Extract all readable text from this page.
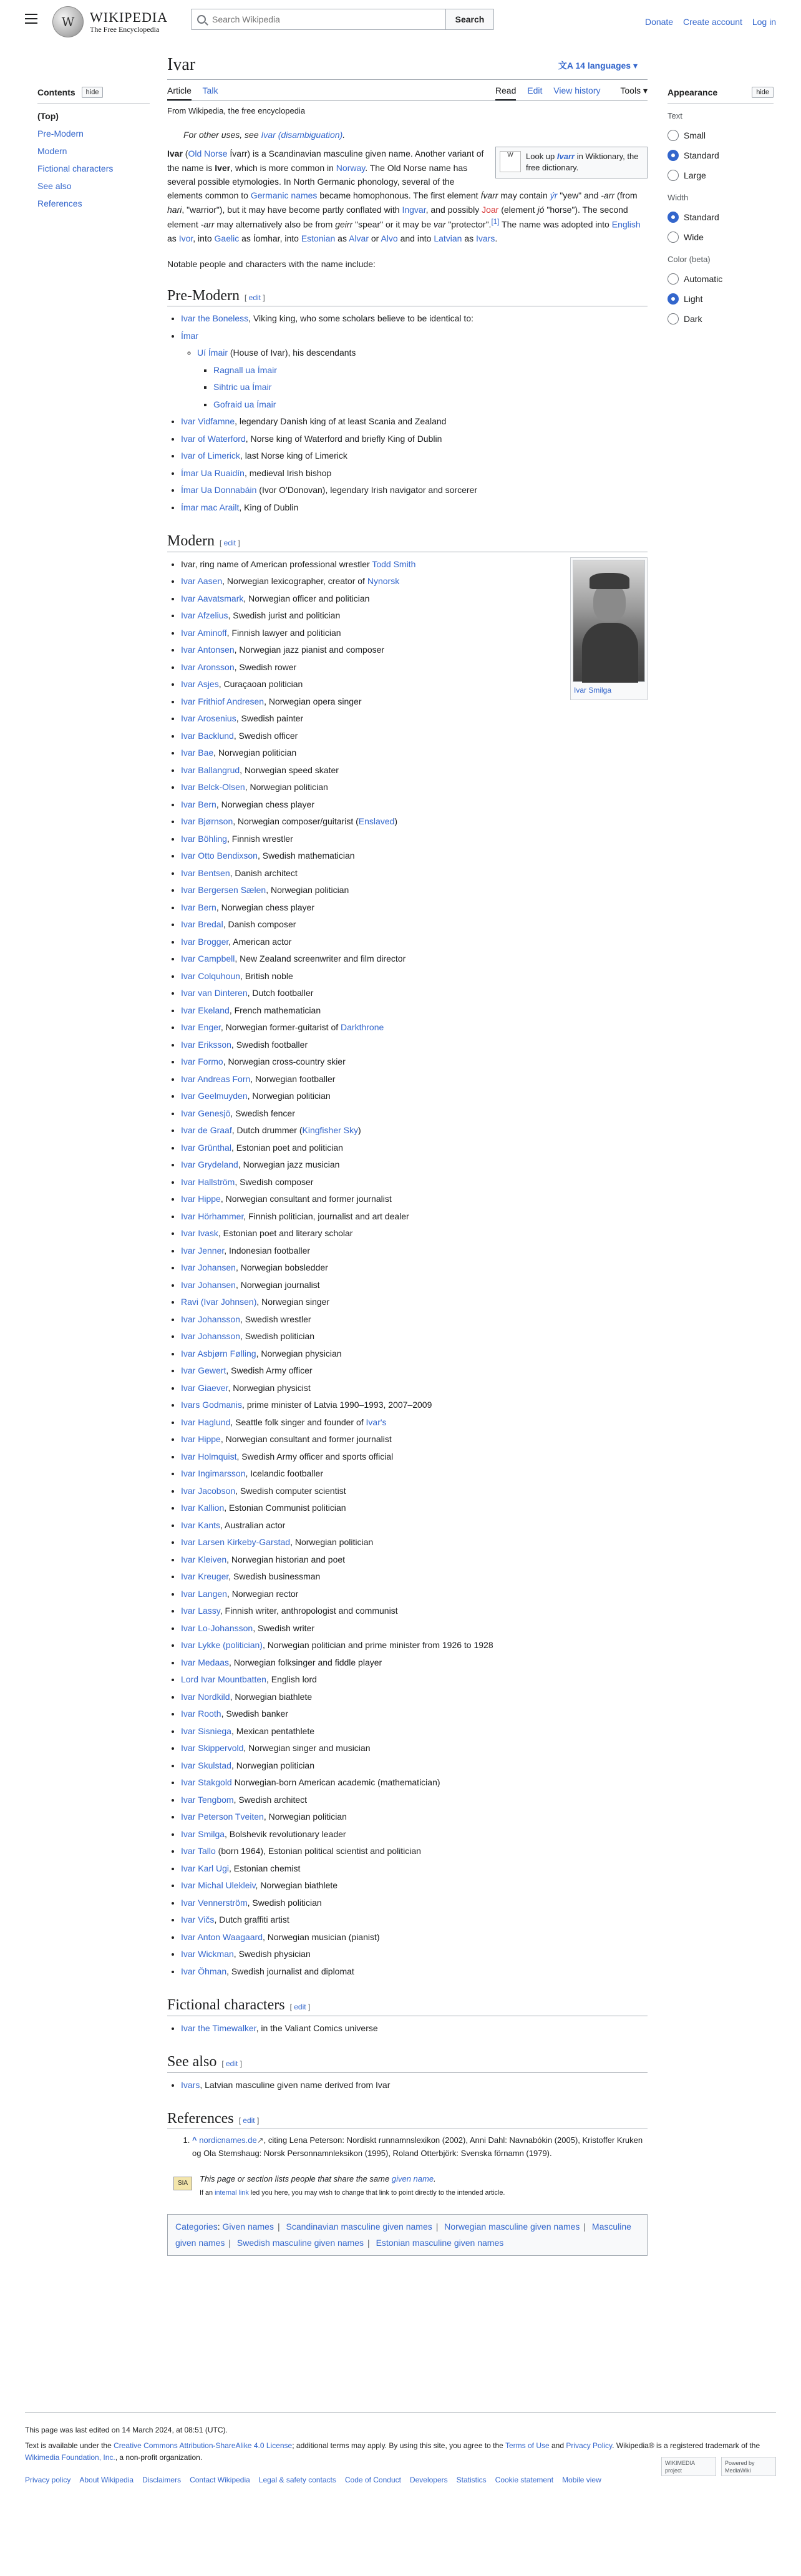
W	WIKIPEDIA
The Free Encyclopedia
Search Wikipedia
Search	Donate Create account Log in
Contents	hide
(Top)
Pre-Modern
Modern
Fictional characters
See also
References
Ivar	文A 14 languages ▾
Article Talk	Read Edit View history Tools ▾
From Wikipedia, the free encyclopedia
For other uses, see Ivar (disambiguation).
W	Look up Ivarr in Wiktionary, the free dictionary.

Ivar (Old Norse Ívarr) is a Scandinavian masculine given name. Another variant of the name is Iver, which is more common in Norway. The Old Norse name has several possible etymologies. In North Germanic phonology, several of the elements common to Germanic names became homophonous. The first element Ívarr may contain ýr "yew" and -arr (from hari, "warrior"), but it may have become partly conflated with Ingvar, and possibly Joar (element jó "horse"). The second element -arr may alternatively also be from geirr "spear" or it may be var "protector".[1] The name was adopted into English as Ivor, into Gaelic as Íomhar, into Estonian as Alvar or Alvo and into Latvian as Ivars.

Notable people and characters with the name include:

Pre-Modern [ edit ]
• Ivar the Boneless, Viking king, who some scholars believe to be identical to:
• Ímar
◦ Uí Ímair (House of Ivar), his descendants
▪ Ragnall ua Ímair
▪ Sihtric ua Ímair
▪ Gofraid ua Ímair
• Ivar Vidfamne, legendary Danish king of at least Scania and Zealand
• Ivar of Waterford, Norse king of Waterford and briefly King of Dublin
• Ivar of Limerick, last Norse king of Limerick
• Ímar Ua Ruaidín, medieval Irish bishop
• Ímar Ua Donnabáin (Ivor O'Donovan), legendary Irish navigator and sorcerer
• Ímar mac Arailt, King of Dublin
Modern [ edit ]
Ivar Smilga
• Ivar, ring name of American professional wrestler Todd Smith
• Ivar Aasen, Norwegian lexicographer, creator of Nynorsk
• Ivar Aavatsmark, Norwegian officer and politician
• Ivar Afzelius, Swedish jurist and politician
• Ivar Aminoff, Finnish lawyer and politician
• Ivar Antonsen, Norwegian jazz pianist and composer
• Ivar Aronsson, Swedish rower
• Ivar Asjes, Curaçaoan politician
• Ivar Frithiof Andresen, Norwegian opera singer
• Ivar Arosenius, Swedish painter
• Ivar Backlund, Swedish officer
• Ivar Bae, Norwegian politician
• Ivar Ballangrud, Norwegian speed skater
• Ivar Belck-Olsen, Norwegian politician
• Ivar Bern, Norwegian chess player
• Ivar Bjørnson, Norwegian composer/guitarist (Enslaved)
• Ivar Böhling, Finnish wrestler
• Ivar Otto Bendixson, Swedish mathematician
• Ivar Bentsen, Danish architect
• Ivar Bergersen Sælen, Norwegian politician
• Ivar Bern, Norwegian chess player
• Ivar Bredal, Danish composer
• Ivar Brogger, American actor
• Ivar Campbell, New Zealand screenwriter and film director
• Ivar Colquhoun, British noble
• Ivar van Dinteren, Dutch footballer
• Ivar Ekeland, French mathematician
• Ivar Enger, Norwegian former-guitarist of Darkthrone
• Ivar Eriksson, Swedish footballer
• Ivar Formo, Norwegian cross-country skier
• Ivar Andreas Forn, Norwegian footballer
• Ivar Geelmuyden, Norwegian politician
• Ivar Genesjö, Swedish fencer
• Ivar de Graaf, Dutch drummer (Kingfisher Sky)
• Ivar Grünthal, Estonian poet and politician
• Ivar Grydeland, Norwegian jazz musician
• Ivar Hallström, Swedish composer
• Ivar Hippe, Norwegian consultant and former journalist
• Ivar Hörhammer, Finnish politician, journalist and art dealer
• Ivar Ivask, Estonian poet and literary scholar
• Ivar Jenner, Indonesian footballer
• Ivar Johansen, Norwegian bobsledder
• Ivar Johansen, Norwegian journalist
• Ravi (Ivar Johnsen), Norwegian singer
• Ivar Johansson, Swedish wrestler
• Ivar Johansson, Swedish politician
• Ivar Asbjørn Følling, Norwegian physician
• Ivar Gewert, Swedish Army officer
• Ivar Giaever, Norwegian physicist
• Ivars Godmanis, prime minister of Latvia 1990–1993, 2007–2009
• Ivar Haglund, Seattle folk singer and founder of Ivar's
• Ivar Hippe, Norwegian consultant and former journalist
• Ivar Holmquist, Swedish Army officer and sports official
• Ivar Ingimarsson, Icelandic footballer
• Ivar Jacobson, Swedish computer scientist
• Ivar Kallion, Estonian Communist politician
• Ivar Kants, Australian actor
• Ivar Larsen Kirkeby-Garstad, Norwegian politician
• Ivar Kleiven, Norwegian historian and poet
• Ivar Kreuger, Swedish businessman
• Ivar Langen, Norwegian rector
• Ivar Lassy, Finnish writer, anthropologist and communist
• Ivar Lo-Johansson, Swedish writer
• Ivar Lykke (politician), Norwegian politician and prime minister from 1926 to 1928
• Ivar Medaas, Norwegian folksinger and fiddle player
• Lord Ivar Mountbatten, English lord
• Ivar Nordkild, Norwegian biathlete
• Ivar Rooth, Swedish banker
• Ivar Sisniega, Mexican pentathlete
• Ivar Skippervold, Norwegian singer and musician
• Ivar Skulstad, Norwegian politician
• Ivar Stakgold Norwegian-born American academic (mathematician)
• Ivar Tengbom, Swedish architect
• Ivar Peterson Tveiten, Norwegian politician
• Ivar Smilga, Bolshevik revolutionary leader
• Ivar Tallo (born 1964), Estonian political scientist and politician
• Ivar Karl Ugi, Estonian chemist
• Ivar Michal Ulekleiv, Norwegian biathlete
• Ivar Vennerström, Swedish politician
• Ivar Vičs, Dutch graffiti artist
• Ivar Anton Waagaard, Norwegian musician (pianist)
• Ivar Wickman, Swedish physician
• Ivar Öhman, Swedish journalist and diplomat
Fictional characters [ edit ]
• Ivar the Timewalker, in the Valiant Comics universe
See also [ edit ]
• Ivars, Latvian masculine given name derived from Ivar
References [ edit ]
1. ^ nordicnames.de↗, citing Lena Peterson: Nordiskt runnamnslexikon (2002), Anni Dahl: Navnabókin (2005), Kristoffer Kruken og Ola Stemshaug: Norsk Personnamnleksikon (1995), Roland Otterbjörk: Svenska förnamn (1979).
SIA	This page or section lists people that share the same given name.
If an internal link led you here, you may wish to change that link to point directly to the intended article.
Categories: Given names | Scandinavian masculine given names | Norwegian masculine given names | Masculine given names | Swedish masculine given names | Estonian masculine given names
Appearance	hide
Text
Small
Standard
Large
Width
Standard
Wide
Color (beta)
Automatic
Light
Dark
This page was last edited on 14 March 2024, at 08:51 (UTC).

Text is available under the Creative Commons Attribution-ShareAlike 4.0 License; additional terms may apply. By using this site, you agree to the Terms of Use and Privacy Policy. Wikipedia® is a registered trademark of the Wikimedia Foundation, Inc., a non-profit organization.

Privacy policy About Wikipedia Disclaimers Contact Wikipedia Legal & safety contacts Code of Conduct Developers Statistics Cookie statement Mobile view
WIKIMEDIA project
Powered by MediaWiki
